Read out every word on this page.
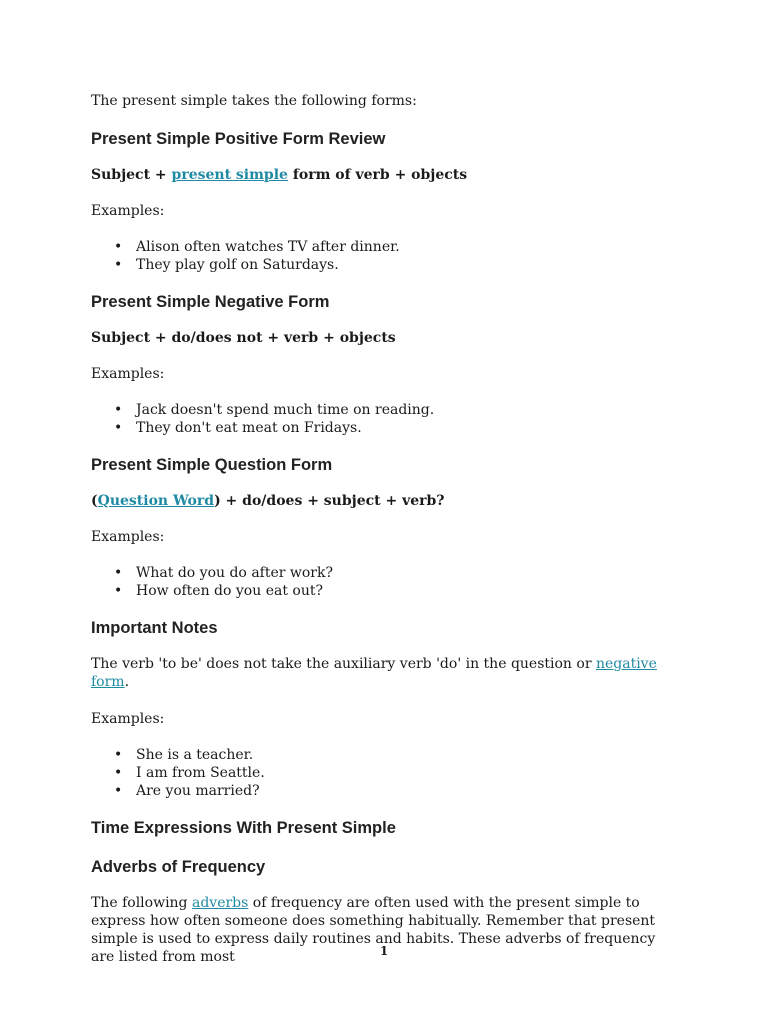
The present simple takes the following forms:

Present Simple Positive Form Review

Subject + present simple form of verb + objects

Examples:

• Alison often watches TV after dinner.
• They play golf on Saturdays.
Present Simple Negative Form

Subject + do/does not + verb + objects

Examples:

• Jack doesn't spend much time on reading.
• They don't eat meat on Fridays.
Present Simple Question Form

(Question Word) + do/does + subject + verb?

Examples:

• What do you do after work?
• How often do you eat out?
Important Notes

The verb 'to be' does not take the auxiliary verb 'do' in the question or negative form.

Examples:

• She is a teacher.
• I am from Seattle.
• Are you married?
Time Expressions With Present Simple
Adverbs of Frequency

The following adverbs of frequency are often used with the present simple to express how often someone does something habitually. Remember that present simple is used to express daily routines and habits. These adverbs of frequency are listed from most	1
